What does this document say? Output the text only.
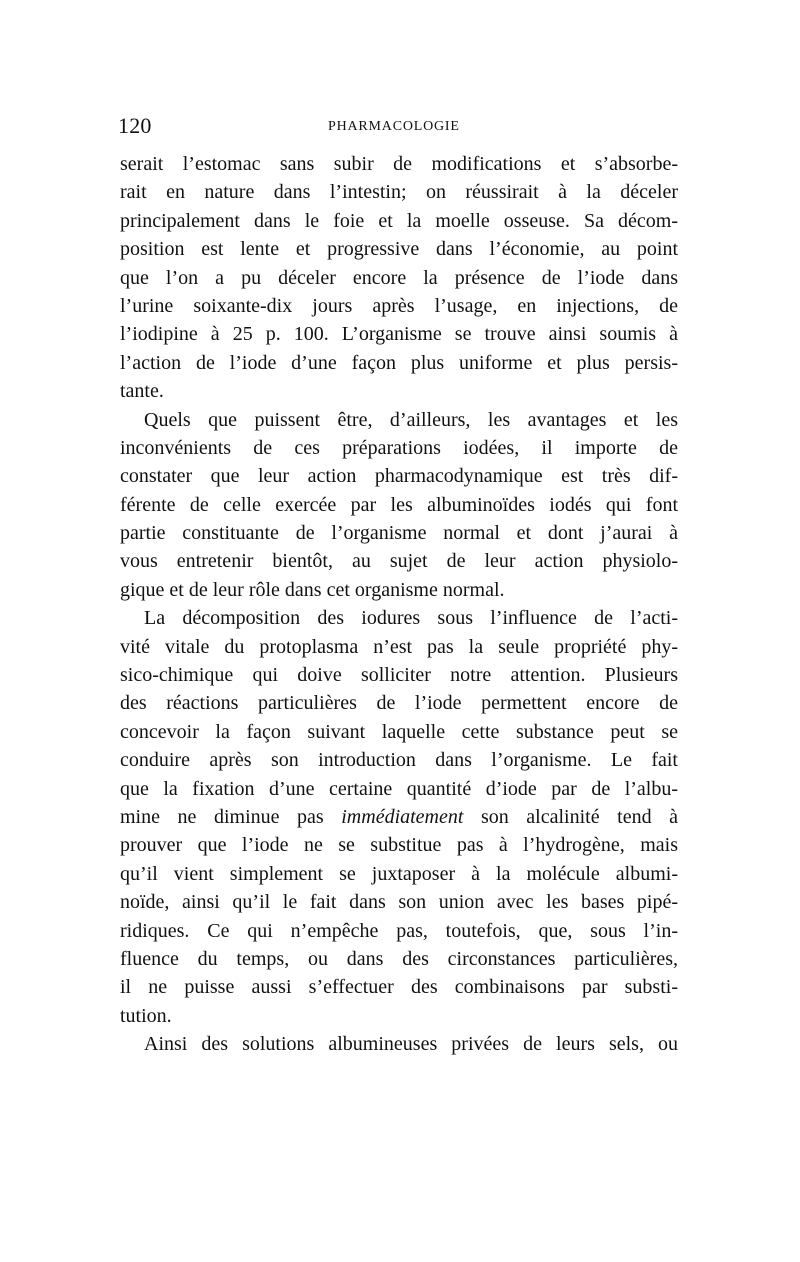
120	PHARMACOLOGIE
serait l’estomac sans subir de modifications et s’absorbe-
rait en nature dans l’intestin; on réussirait à la déceler
principalement dans le foie et la moelle osseuse. Sa décom-
position est lente et progressive dans l’économie, au point
que l’on a pu déceler encore la présence de l’iode dans
l’urine soixante-dix jours après l’usage, en injections, de
l’iodipine à 25 p. 100. L’organisme se trouve ainsi soumis à
l’action de l’iode d’une façon plus uniforme et plus persis-
tante.
Quels que puissent être, d’ailleurs, les avantages et les
inconvénients de ces préparations iodées, il importe de
constater que leur action pharmacodynamique est très dif-
férente de celle exercée par les albuminoïdes iodés qui font
partie constituante de l’organisme normal et dont j’aurai à
vous entretenir bientôt, au sujet de leur action physiolo-
gique et de leur rôle dans cet organisme normal.
La décomposition des iodures sous l’influence de l’acti-
vité vitale du protoplasma n’est pas la seule propriété phy-
sico-chimique qui doive solliciter notre attention. Plusieurs
des réactions particulières de l’iode permettent encore de
concevoir la façon suivant laquelle cette substance peut se
conduire après son introduction dans l’organisme. Le fait
que la fixation d’une certaine quantité d’iode par de l’albu-
mine ne diminue pas immédiatement son alcalinité tend à
prouver que l’iode ne se substitue pas à l’hydrogène, mais
qu’il vient simplement se juxtaposer à la molécule albumi-
noïde, ainsi qu’il le fait dans son union avec les bases pipé-
ridiques. Ce qui n’empêche pas, toutefois, que, sous l’in-
fluence du temps, ou dans des circonstances particulières,
il ne puisse aussi s’effectuer des combinaisons par substi-
tution.
Ainsi des solutions albumineuses privées de leurs sels, ou
